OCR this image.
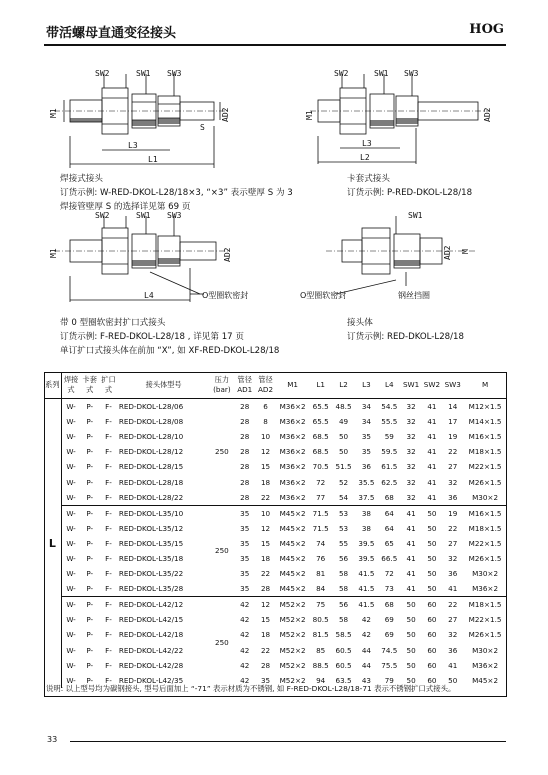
带活螺母直通变径接头	HOG
SW2	SW1 SW3
M1	AD2
S
L3
L1
SW2	SW1 SW3
M1	AD2
L3
L2
焊接式接头
订货示例: W-RED-DKOL-L28/18×3, “×3” 表示壁厚 S 为 3
焊接管壁厚 S 的选择详见第 69 页
卡套式接头
订货示例: P-RED-DKOL-L28/18
SW2	SW1 SW3
M1	AD2
L4	O型圈软密封
SW1
AD2 M
O型圈软密封	钢丝挡圈
带 0 型圈软密封扩口式接头
订货示例: F-RED-DKOL-L28/18 , 详见第 17 页
单订扩口式接头体在前加 “X”, 如 XF-RED-DKOL-L28/18
接头体
订货示例: RED-DKOL-L28/18
系列	焊接式	卡套式	扩口式	接头体型号	压力(bar)	管径AD1	管径AD2	M1	L1	L2	L3	L4	SW1	SW2	SW3	M
L	W-	P-	F-	RED-DKOL-L28/06	250	28	6	M36×2	65.5	48.5	34	54.5	32	41	14	M12×1.5
	W-	P-	F-	RED-DKOL-L28/08		28	8	M36×2	65.5	49	34	55.5	32	41	17	M14×1.5
	W-	P-	F-	RED-DKOL-L28/10		28	10	M36×2	68.5	50	35	59	32	41	19	M16×1.5
	W-	P-	F-	RED-DKOL-L28/12		28	12	M36×2	68.5	50	35	59.5	32	41	22	M18×1.5
	W-	P-	F-	RED-DKOL-L28/15		28	15	M36×2	70.5	51.5	36	61.5	32	41	27	M22×1.5
	W-	P-	F-	RED-DKOL-L28/18		28	18	M36×2	72	52	35.5	62.5	32	41	32	M26×1.5
	W-	P-	F-	RED-DKOL-L28/22		28	22	M36×2	77	54	37.5	68	32	41	36	M30×2
	W-	P-	F-	RED-DKOL-L35/10	250	35	10	M45×2	71.5	53	38	64	41	50	19	M16×1.5
	W-	P-	F-	RED-DKOL-L35/12		35	12	M45×2	71.5	53	38	64	41	50	22	M18×1.5
	W-	P-	F-	RED-DKOL-L35/15		35	15	M45×2	74	55	39.5	65	41	50	27	M22×1.5
	W-	P-	F-	RED-DKOL-L35/18		35	18	M45×2	76	56	39.5	66.5	41	50	32	M26×1.5
	W-	P-	F-	RED-DKOL-L35/22		35	22	M45×2	81	58	41.5	72	41	50	36	M30×2
	W-	P-	F-	RED-DKOL-L35/28		35	28	M45×2	84	58	41.5	73	41	50	41	M36×2
	W-	P-	F-	RED-DKOL-L42/12	250	42	12	M52×2	75	56	41.5	68	50	60	22	M18×1.5
	W-	P-	F-	RED-DKOL-L42/15		42	15	M52×2	80.5	58	42	69	50	60	27	M22×1.5
	W-	P-	F-	RED-DKOL-L42/18		42	18	M52×2	81.5	58.5	42	69	50	60	32	M26×1.5
	W-	P-	F-	RED-DKOL-L42/22		42	22	M52×2	85	60.5	44	74.5	50	60	36	M30×2
	W-	P-	F-	RED-DKOL-L42/28		42	28	M52×2	88.5	60.5	44	75.5	50	60	41	M36×2
	W-	P-	F-	RED-DKOL-L42/35		42	35	M52×2	94	63.5	43	79	50	60	50	M45×2
说明: 以上型号均为碳钢接头, 型号后面加上 “-71” 表示材质为不锈钢, 如 F-RED-DKOL-L28/18-71 表示不锈钢扩口式接头。
33
